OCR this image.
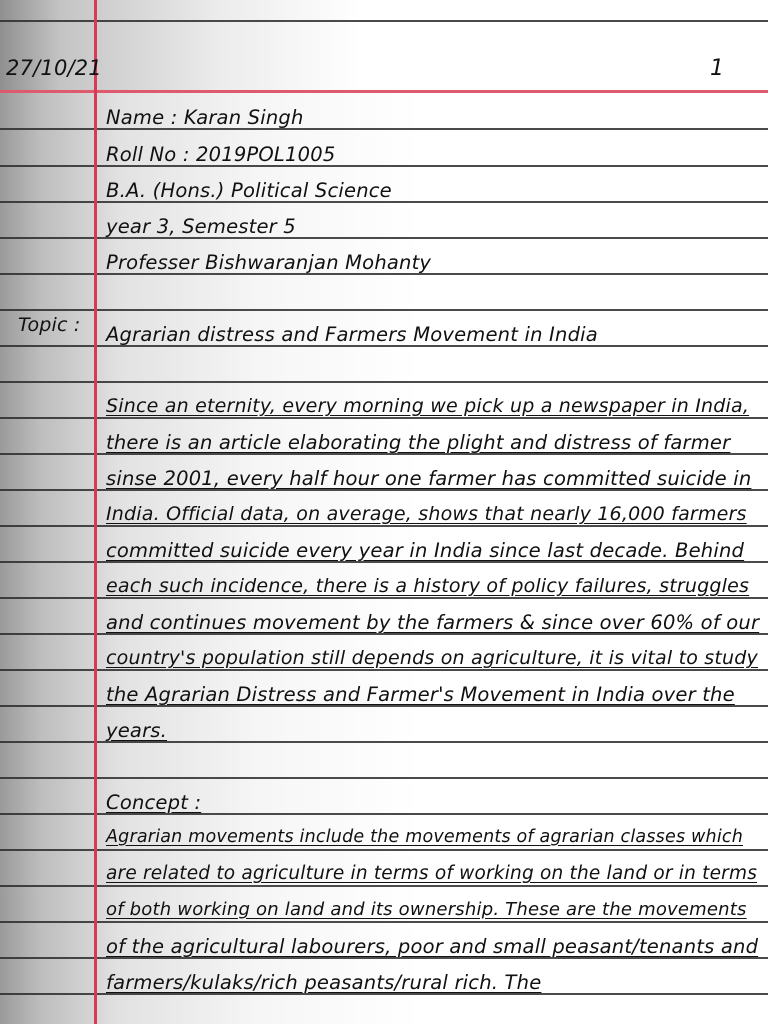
27/10/21	1
Name : Karan Singh
Roll No : 2019POL1005
B.A. (Hons.) Political Science
year 3, Semester 5
Professer Bishwaranjan Mohanty
Topic : Agrarian distress and Farmers Movement in India
Since an eternity, every morning we pick up a newspaper in India,
there is an article elaborating the plight and distress of farmer
sinse 2001, every half hour one farmer has committed suicide in
India. Official data, on average, shows that nearly 16,000 farmers
committed suicide every year in India since last decade. Behind
each such incidence, there is a history of policy failures, struggles
and continues movement by the farmers & since over 60% of our
country's population still depends on agriculture, it is vital to study
the Agrarian Distress and Farmer's Movement in India over the
years.
Concept :
Agrarian movements include the movements of agrarian classes which
are related to agriculture in terms of working on the land or in terms
of both working on land and its ownership. These are the movements
of the agricultural labourers, poor and small peasant/tenants and
farmers/kulaks/rich peasants/rural rich. The
